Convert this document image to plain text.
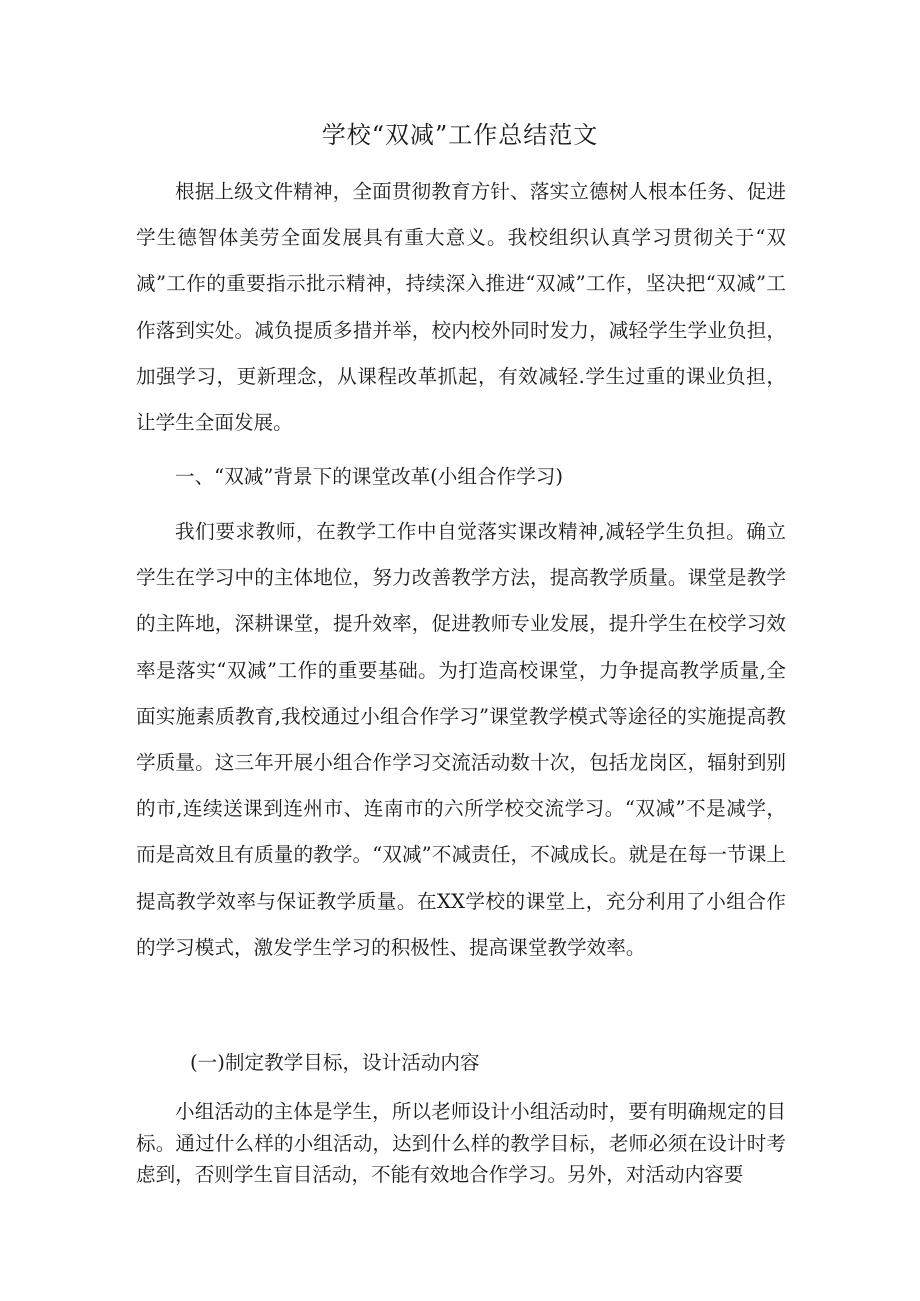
学校“双减”工作总结范文

根据上级文件精神，全面贯彻教育方针、落实立德树人根本任务、促进学生德智体美劳全面发展具有重大意义。我校组织认真学习贯彻关于“双减”工作的重要指示批示精神，持续深入推进“双减”工作，坚决把“双减”工作落到实处。减负提质多措并举，校内校外同时发力，减轻学生学业负担，加强学习，更新理念，从课程改革抓起，有效减轻.学生过重的课业负担，让学生全面发展。

一、“双减”背景下的课堂改革(小组合作学习)

我们要求教师，在教学工作中自觉落实课改精神,减轻学生负担。确立学生在学习中的主体地位，努力改善教学方法，提高教学质量。课堂是教学的主阵地，深耕课堂，提升效率，促进教师专业发展，提升学生在校学习效率是落实“双减”工作的重要基础。为打造高校课堂，力争提高教学质量,全面实施素质教育,我校通过小组合作学习”课堂教学模式等途径的实施提高教学质量。这三年开展小组合作学习交流活动数十次，包括龙岗区，辐射到别的市,连续送课到连州市、连南市的六所学校交流学习。“双减”不是减学，而是高效且有质量的教学。“双减”不减责任，不减成长。就是在每一节课上提高教学效率与保证教学质量。在XX学校的课堂上，充分利用了小组合作的学习模式，激发学生学习的积极性、提高课堂教学效率。

(一)制定教学目标，设计活动内容

小组活动的主体是学生，所以老师设计小组活动时，要有明确规定的目标。通过什么样的小组活动，达到什么样的教学目标，老师必须在设计时考虑到，否则学生盲目活动，不能有效地合作学习。另外，对活动内容要
